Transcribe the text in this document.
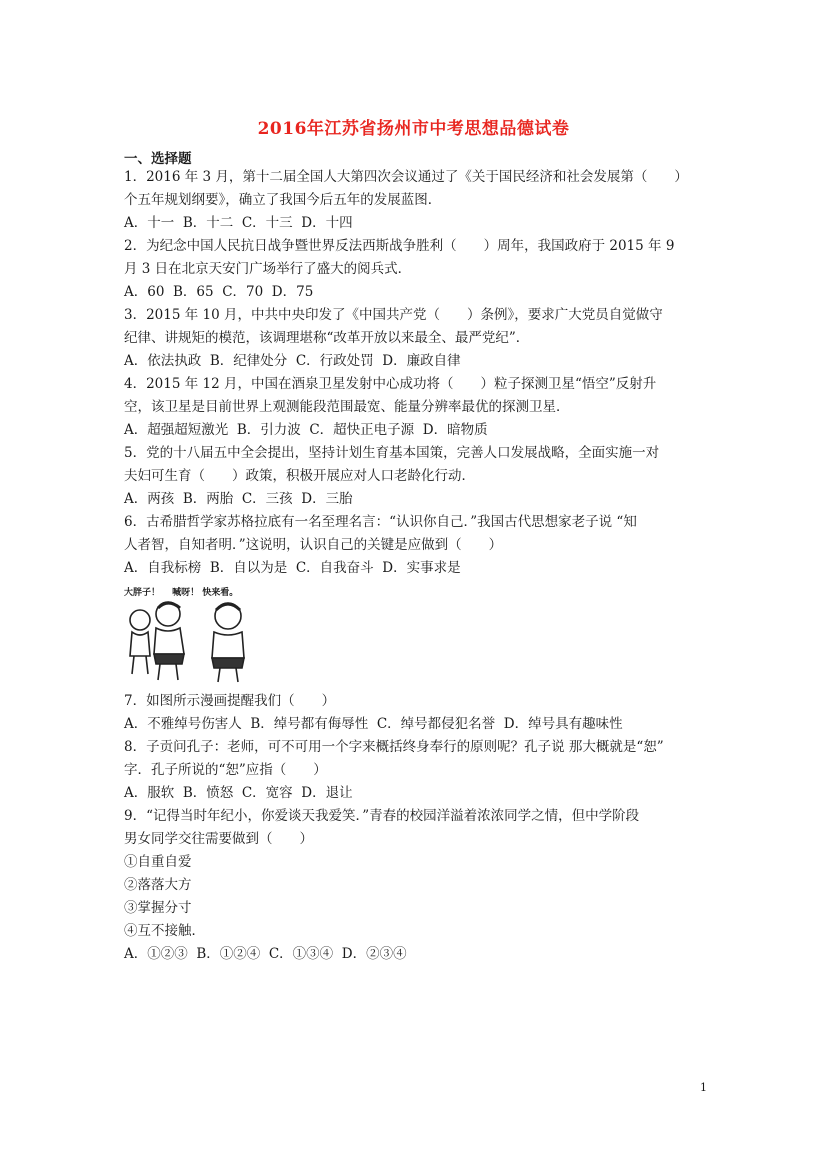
2016年江苏省扬州市中考思想品德试卷
一、选择题
1．2016 年 3 月，第十二届全国人大第四次会议通过了《关于国民经济和社会发展第（　　）
个五年规划纲要》，确立了我国今后五年的发展蓝图．
A．十一  B．十二  C．十三  D．十四
2．为纪念中国人民抗日战争暨世界反法西斯战争胜利（　　）周年，我国政府于 2015 年 9
月 3 日在北京天安门广场举行了盛大的阅兵式．
A．60  B．65  C．70  D．75
3．2015 年 10 月，中共中央印发了《中国共产党（　　）条例》，要求广大党员自觉做守
纪律、讲规矩的模范，该调理堪称“改革开放以来最全、最严党纪”．
A．依法执政  B．纪律处分  C．行政处罚  D．廉政自律
4．2015 年 12 月，中国在酒泉卫星发射中心成功将（　　）粒子探测卫星“悟空”反射升
空，该卫星是目前世界上观测能段范围最宽、能量分辨率最优的探测卫星．
A．超强超短激光  B．引力波  C．超快正电子源  D．暗物质
5．党的十八届五中全会提出，坚持计划生育基本国策，完善人口发展战略，全面实施一对
夫妇可生育（　　）政策，积极开展应对人口老龄化行动．
A．两孩  B．两胎  C．三孩  D．三胎
6．古希腊哲学家苏格拉底有一名至理名言：“认识你自己．”我国古代思想家老子说 “知
人者智，自知者明．”这说明，认识自己的关键是应做到（　　）
A．自我标榜  B．自以为是  C．自我奋斗  D．实事求是
大胖子！ 　喊呀！ 快来看。
7．如图所示漫画提醒我们（　　）
A．不雅绰号伤害人  B．绰号都有侮辱性  C．绰号都侵犯名誉  D．绰号具有趣味性
8．子贡问孔子：老师，可不可用一个字来概括终身奉行的原则呢？孔子说 那大概就是“恕”
字．孔子所说的“恕”应指（　　）
A．服软  B．愤怒  C．宽容  D．退让
9．“记得当时年纪小，你爱谈天我爱笑．”青春的校园洋溢着浓浓同学之情，但中学阶段
男女同学交往需要做到（　　）
①自重自爱
②落落大方
③掌握分寸
④互不接触．
A．①②③  B．①②④  C．①③④  D．②③④
1
